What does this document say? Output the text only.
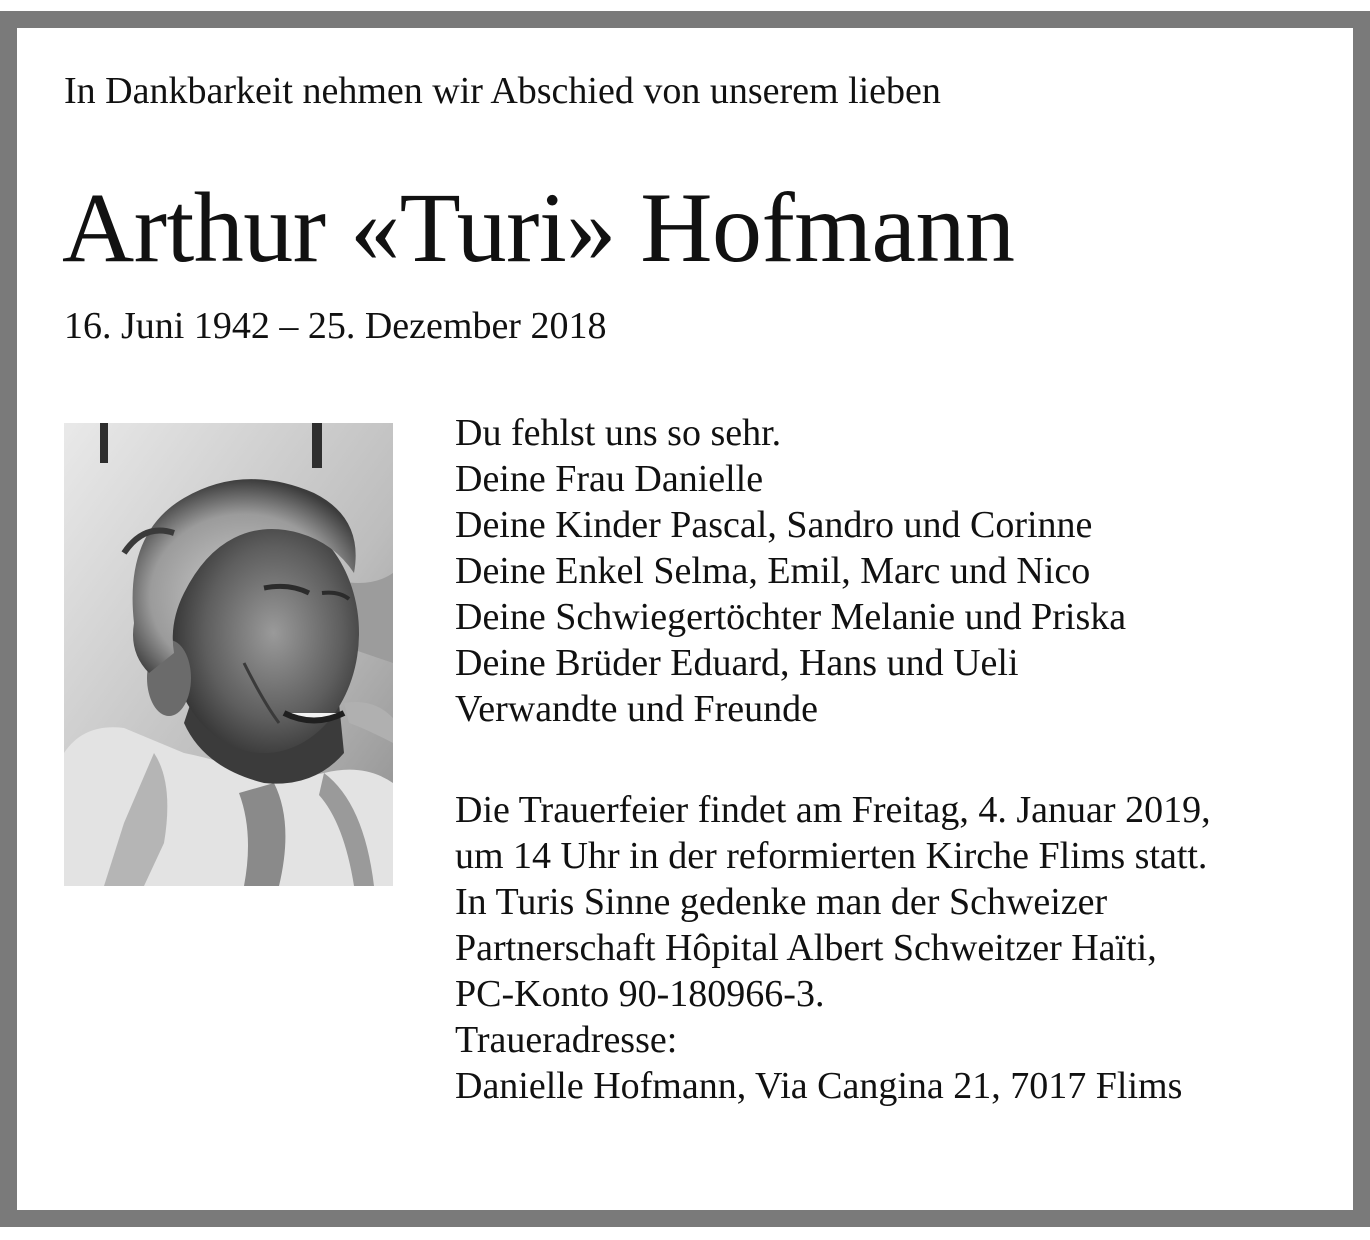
In Dankbarkeit nehmen wir Abschied von unserem lieben
Arthur «Turi» Hofmann
16. Juni 1942 – 25. Dezember 2018

Du fehlst uns so sehr.

Deine Frau Danielle
Deine Kinder Pascal, Sandro und Corinne
Deine Enkel Selma, Emil, Marc und Nico
Deine Schwiegertöchter Melanie und Priska
Deine Brüder Eduard, Hans und Ueli
Verwandte und Freunde

Die Trauerfeier findet am Freitag, 4. Januar 2019,
um 14 Uhr in der reformierten Kirche Flims statt.

In Turis Sinne gedenke man der Schweizer
Partnerschaft Hôpital Albert Schweitzer Haïti,
PC-Konto 90-180966-3.

Traueradresse:
Danielle Hofmann, Via Cangina 21, 7017 Flims
